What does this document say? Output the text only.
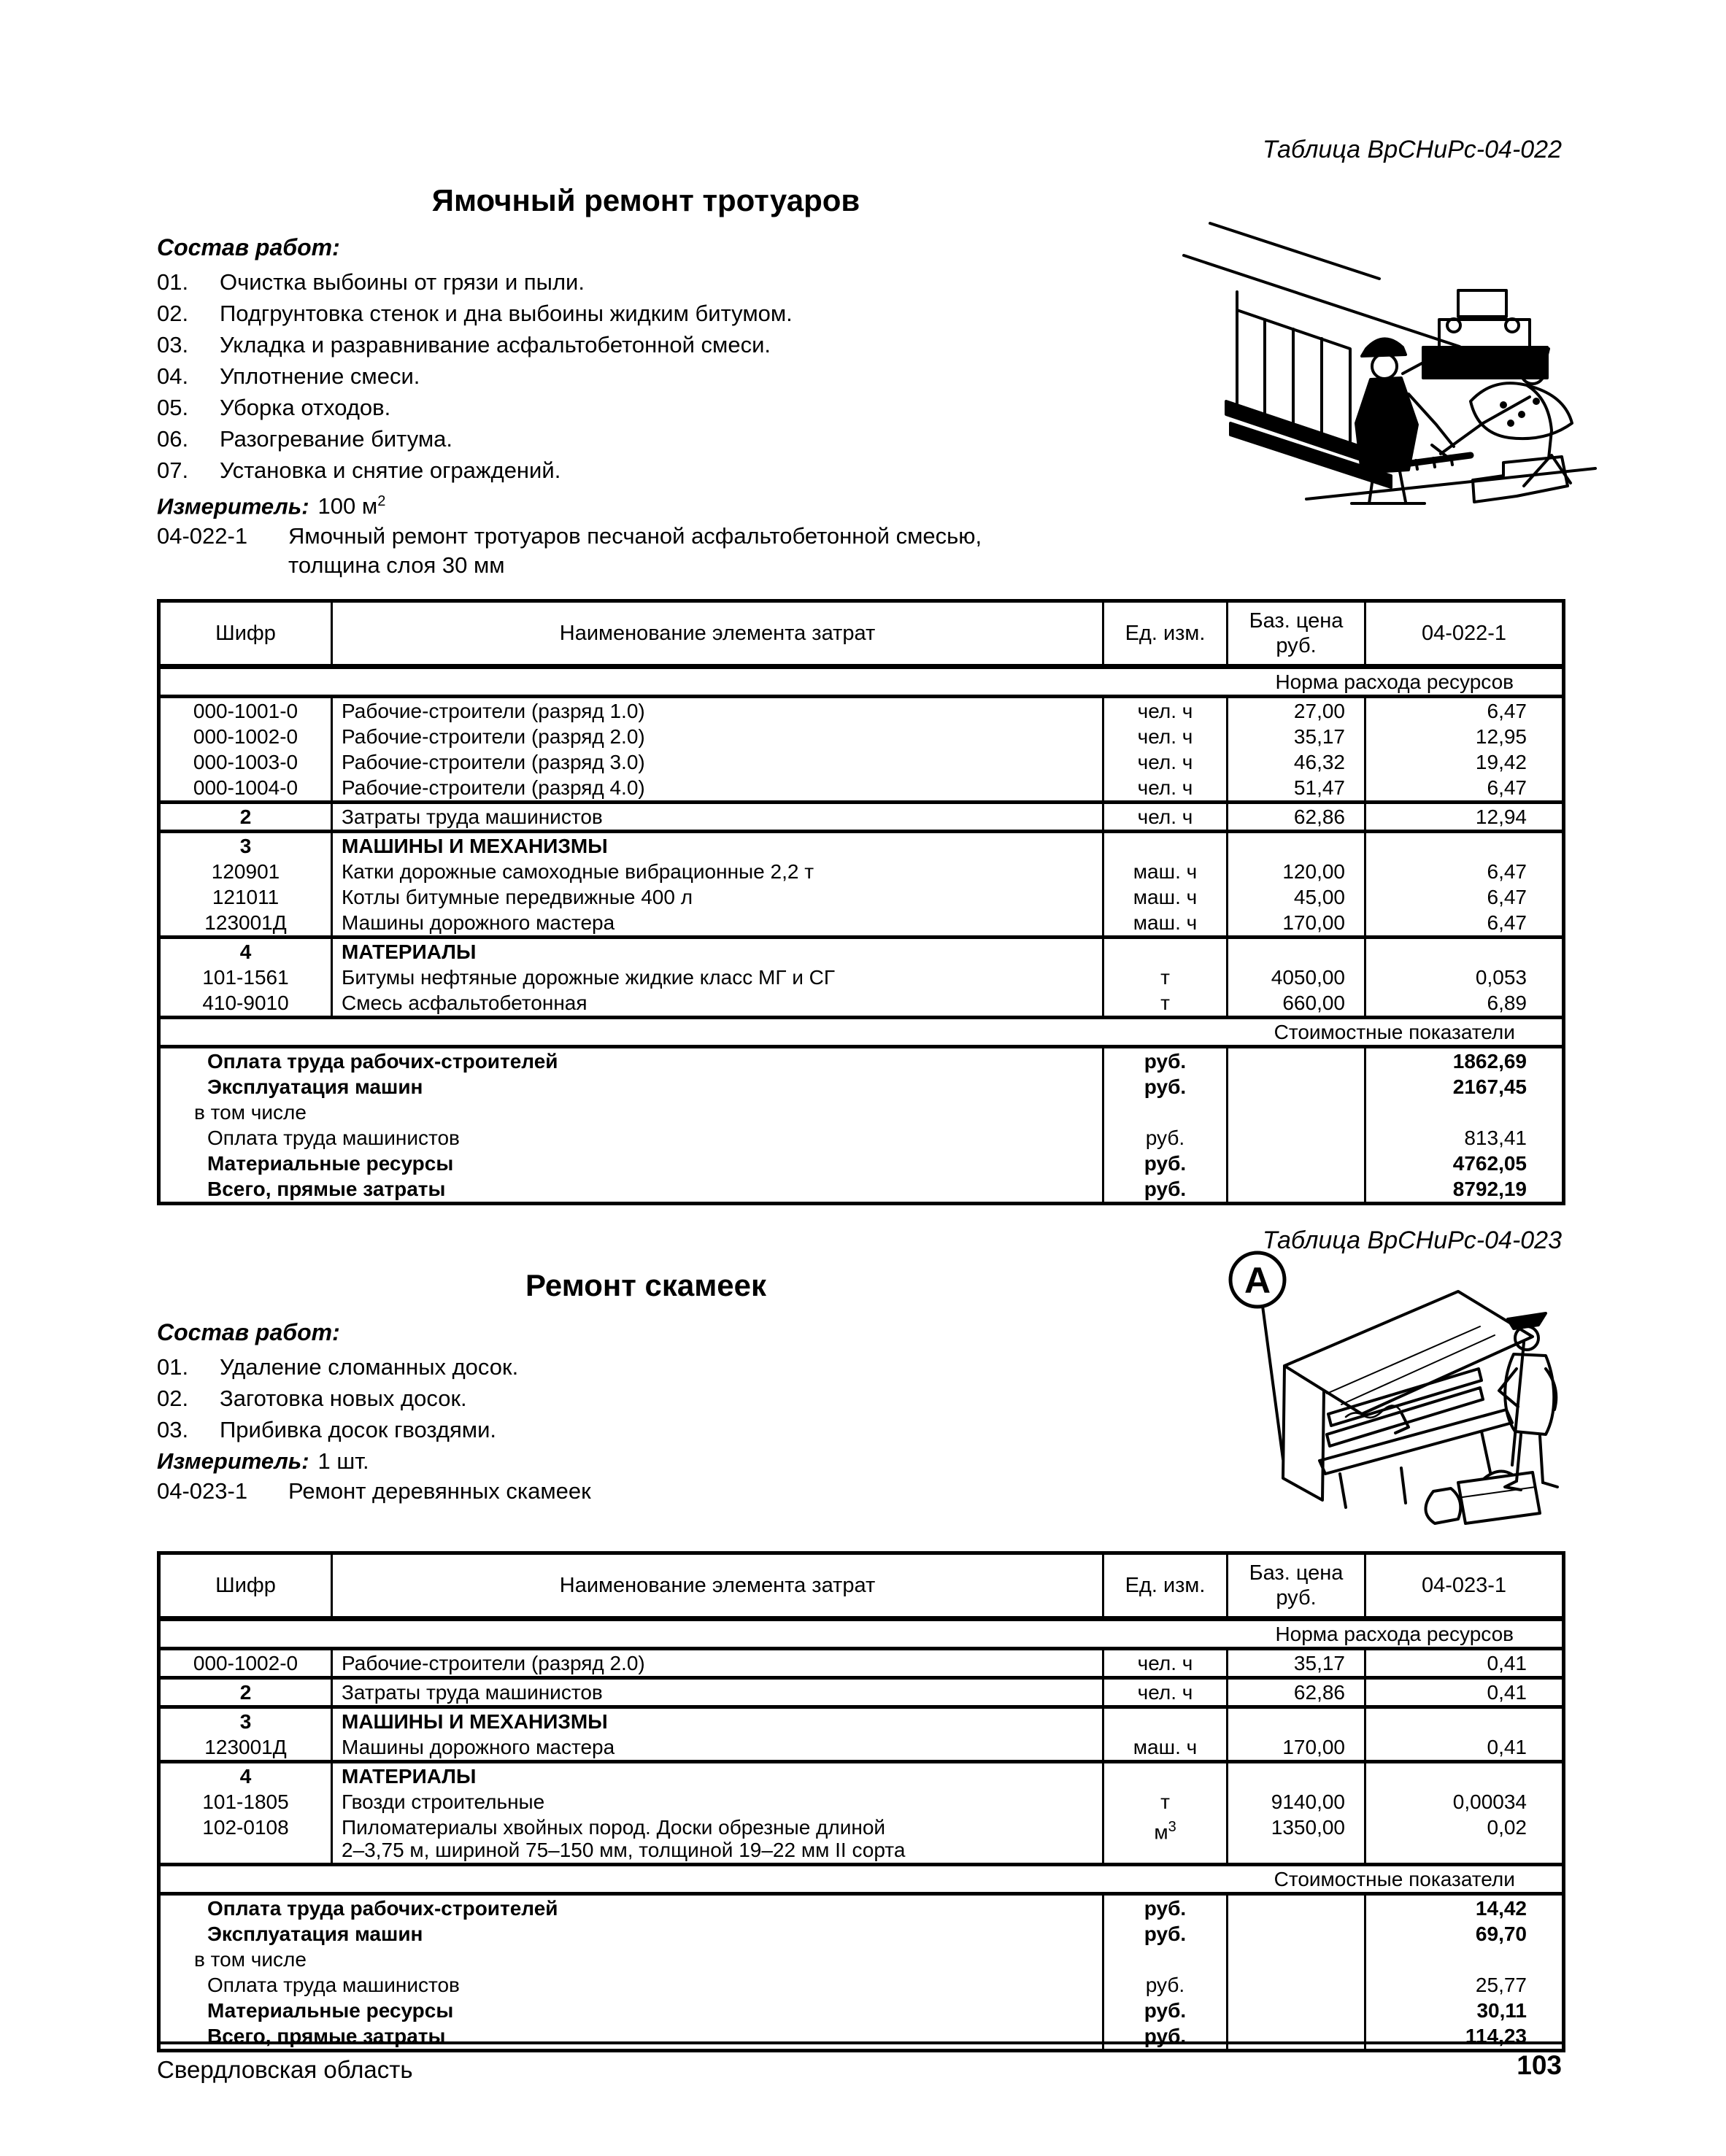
Таблица ВрСНиРс-04-022
Ямочный ремонт тротуаров
Состав работ:
01.	Очистка выбоины от грязи и пыли.
02.	Подгрунтовка стенок и дна выбоины жидким битумом.
03.	Укладка и разравнивание асфальтобетонной смеси.
04.	Уплотнение смеси.
05.	Уборка отходов.
06.	Разогревание битума.
07.	Установка и снятие ограждений.
Измеритель: 100 $м^2$
04-022-1	Ямочный ремонт тротуаров песчаной асфальтобетонной смесью,
толщина слоя 30 мм
Шифр	Наименование элемента затрат	Ед. изм.	Баз. цена
руб.	04-022-1
			Норма расхода ресурсов	
000-1001-0	Рабочие-строители (разряд 1.0)	чел. ч	27,00	6,47
000-1002-0	Рабочие-строители (разряд 2.0)	чел. ч	35,17	12,95
000-1003-0	Рабочие-строители (разряд 3.0)	чел. ч	46,32	19,42
000-1004-0	Рабочие-строители (разряд 4.0)	чел. ч	51,47	6,47
2	Затраты труда машинистов	чел. ч	62,86	12,94
3	МАШИНЫ И МЕХАНИЗМЫ			
120901	Катки дорожные самоходные вибрационные 2,2 т	маш. ч	120,00	6,47
121011	Котлы битумные передвижные 400 л	маш. ч	45,00	6,47
123001Д	Машины дорожного мастера	маш. ч	170,00	6,47
4	МАТЕРИАЛЫ			
101-1561	Битумы нефтяные дорожные жидкие класс МГ и СГ	т	4050,00	0,053
410-9010	Смесь асфальтобетонная	т	660,00	6,89
			Стоимостные показатели	
Оплата труда рабочих-строителей		руб.		1862,69
Эксплуатация машин		руб.		2167,45
в том числе				
Оплата труда машинистов		руб.		813,41
Материальные ресурсы		руб.		4762,05
Всего, прямые затраты		руб.		8792,19
Таблица ВрСНиРс-04-023
Ремонт скамеек
Состав работ:
01.	Удаление сломанных досок.
02.	Заготовка новых досок.
03.	Прибивка досок гвоздями.
Измеритель: 1 шт.
04-023-1	Ремонт деревянных скамеек
Шифр	Наименование элемента затрат	Ед. изм.	Баз. цена
руб.	04-023-1
			Норма расхода ресурсов	
000-1002-0	Рабочие-строители (разряд 2.0)	чел. ч	35,17	0,41
2	Затраты труда машинистов	чел. ч	62,86	0,41
3	МАШИНЫ И МЕХАНИЗМЫ			
123001Д	Машины дорожного мастера	маш. ч	170,00	0,41
4	МАТЕРИАЛЫ			
101-1805	Гвозди строительные	т	9140,00	0,00034
102-0108	Пиломатериалы хвойных пород. Доски обрезные длиной
2–3,75 м, шириной 75–150 мм, толщиной 19–22 мм II сорта	$м^3$	1350,00	0,02
			Стоимостные показатели	
Оплата труда рабочих-строителей		руб.		14,42
Эксплуатация машин		руб.		69,70
в том числе				
Оплата труда машинистов		руб.		25,77
Материальные ресурсы		руб.		30,11
Всего, прямые затраты		руб.		114,23
А
Свердловская область	103
